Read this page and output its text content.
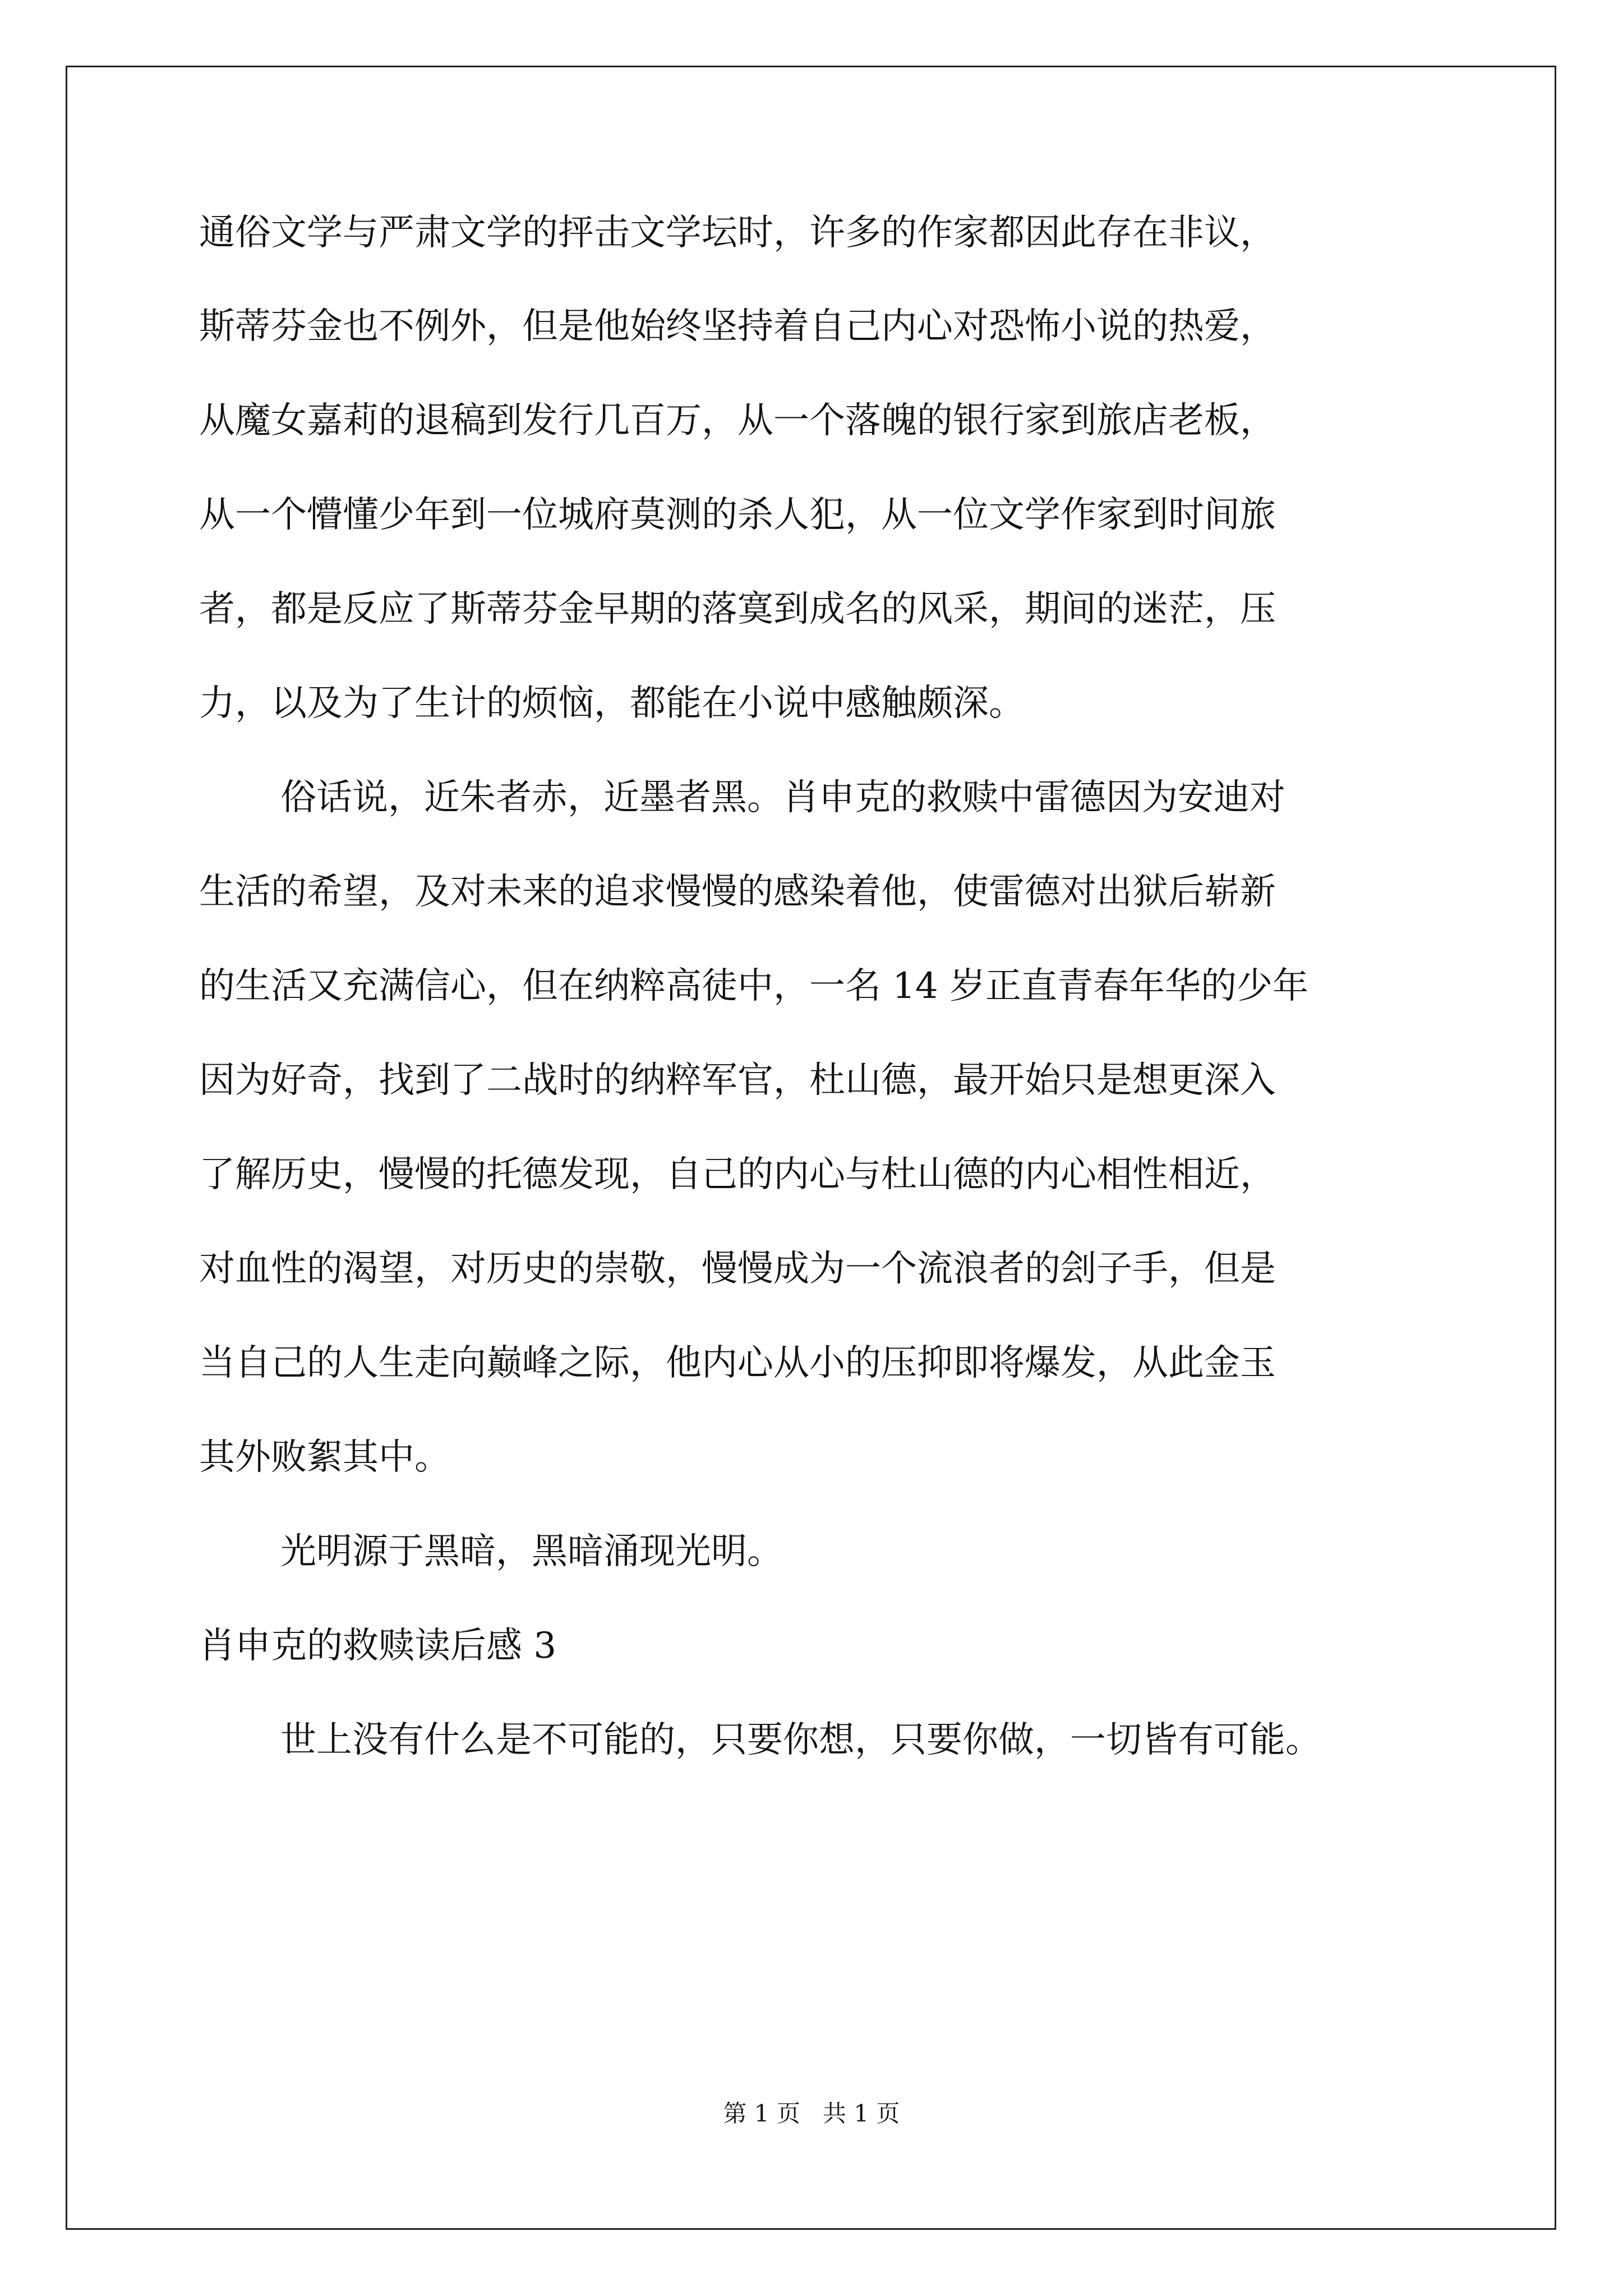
通俗文学与严肃文学的抨击文学坛时，许多的作家都因此存在非议，
斯蒂芬金也不例外，但是他始终坚持着自己内心对恐怖小说的热爱，
从魔女嘉莉的退稿到发行几百万，从一个落魄的银行家到旅店老板，
从一个懵懂少年到一位城府莫测的杀人犯，从一位文学作家到时间旅
者，都是反应了斯蒂芬金早期的落寞到成名的风采，期间的迷茫，压
力，以及为了生计的烦恼，都能在小说中感触颇深。
俗话说，近朱者赤，近墨者黑。肖申克的救赎中雷德因为安迪对
生活的希望，及对未来的追求慢慢的感染着他，使雷德对出狱后崭新
的生活又充满信心，但在纳粹高徒中，一名 14 岁正直青春年华的少年
因为好奇，找到了二战时的纳粹军官，杜山德，最开始只是想更深入
了解历史，慢慢的托德发现，自己的内心与杜山德的内心相性相近，
对血性的渴望，对历史的崇敬，慢慢成为一个流浪者的刽子手，但是
当自己的人生走向巅峰之际，他内心从小的压抑即将爆发，从此金玉
其外败絮其中。
光明源于黑暗，黑暗涌现光明。
肖申克的救赎读后感 3
世上没有什么是不可能的，只要你想，只要你做，一切皆有可能。
第 1 页   共 1 页
